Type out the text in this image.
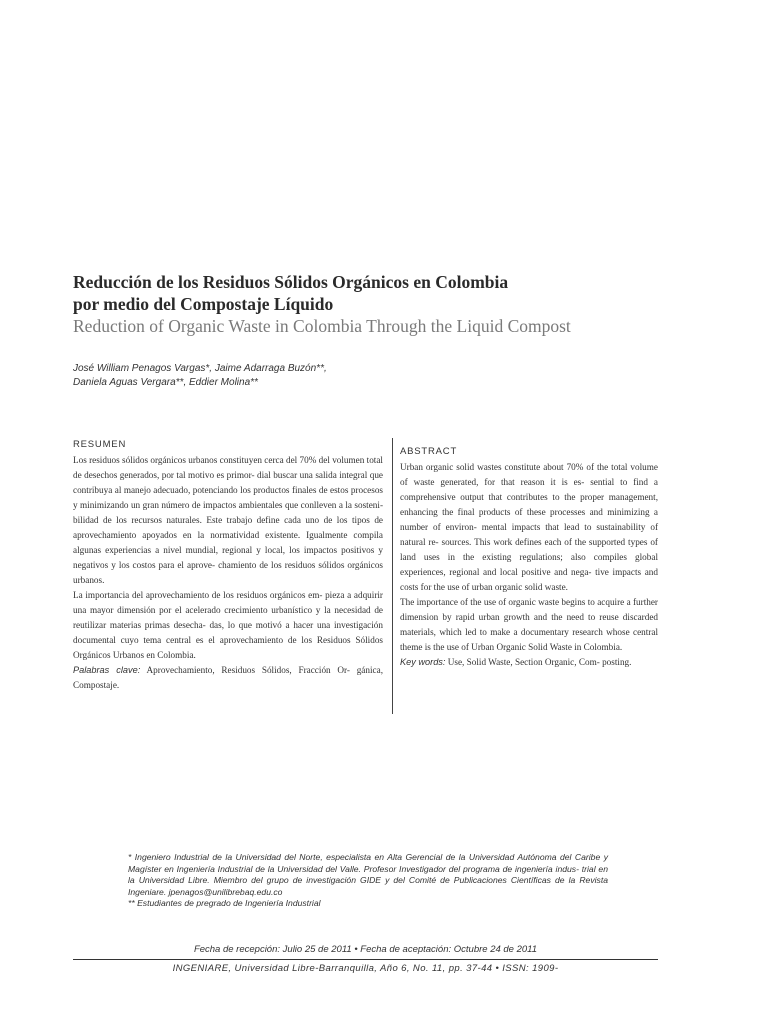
Reducción de los Residuos Sólidos Orgánicos en Colombia
por medio del Compostaje Líquido

Reduction of Organic Waste in Colombia Through the Liquid Compost

José William Penagos Vargas*, Jaime Adarraga Buzón**,
Daniela Aguas Vergara**, Eddier Molina**
RESUMEN

Los residuos sólidos orgánicos urbanos constituyen cerca del 70% del volumen total de desechos generados, por tal motivo es primor- dial buscar una salida integral que contribuya al manejo adecuado, potenciando los productos finales de estos procesos y minimizando un gran número de impactos ambientales que conlleven a la sosteni- bilidad de los recursos naturales. Este trabajo define cada uno de los tipos de aprovechamiento apoyados en la normatividad existente. Igualmente compila algunas experiencias a nivel mundial, regional y local, los impactos positivos y negativos y los costos para el aprove- chamiento de los residuos sólidos orgánicos urbanos.

La importancia del aprovechamiento de los residuos orgánicos em- pieza a adquirir una mayor dimensión por el acelerado crecimiento urbanístico y la necesidad de reutilizar materias primas desecha- das, lo que motivó a hacer una investigación documental cuyo tema central es el aprovechamiento de los Residuos Sólidos Orgánicos Urbanos en Colombia.

Palabras clave: Aprovechamiento, Residuos Sólidos, Fracción Or- gánica, Compostaje.

ABSTRACT

Urban organic solid wastes constitute about 70% of the total volume of waste generated, for that reason it is es- sential to find a comprehensive output that contributes to the proper management, enhancing the final products of these processes and minimizing a number of environ- mental impacts that lead to sustainability of natural re- sources. This work defines each of the supported types of land uses in the existing regulations; also compiles global experiences, regional and local positive and nega- tive impacts and costs for the use of urban organic solid waste.

The importance of the use of organic waste begins to acquire a further dimension by rapid urban growth and the need to reuse discarded materials, which led to make a documentary research whose central theme is the use of Urban Organic Solid Waste in Colombia.

Key words: Use, Solid Waste, Section Organic, Com- posting.

* Ingeniero Industrial de la Universidad del Norte, especialista en Alta Gerencial de la Universidad Autónoma del Caribe y Magíster en Ingeniería Industrial de la Universidad del Valle. Profesor Investigador del programa de ingeniería indus- trial en la Universidad Libre. Miembro del grupo de investigación GIDE y del Comité de Publicaciones Científicas de la Revista Ingeniare. jpenagos@unilibrebaq.edu.co

** Estudiantes de pregrado de Ingeniería Industrial

Fecha de recepción: Julio 25 de 2011 • Fecha de aceptación: Octubre 24 de 2011
INGENIARE, Universidad Libre-Barranquilla, Año 6, No. 11, pp. 37-44 • ISSN: 1909-
